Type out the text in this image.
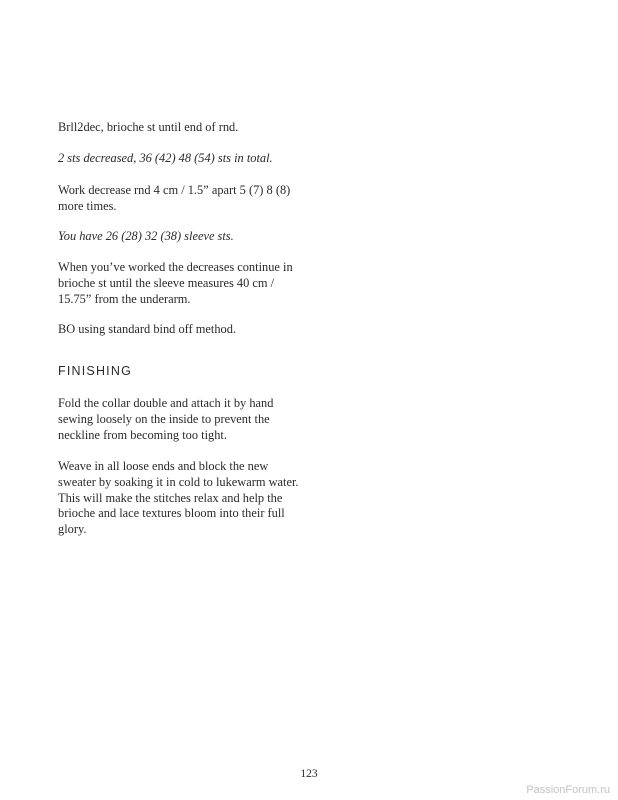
Brll2dec, brioche st until end of rnd.

2 sts decreased, 36 (42) 48 (54) sts in total.

Work decrease rnd 4 cm / 1.5” apart 5 (7) 8 (8) more times.

You have 26 (28) 32 (38) sleeve sts.

When you’ve worked the decreases continue in brioche st until the sleeve measures 40 cm / 15.75” from the underarm.

BO using standard bind off method.

FINISHING

Fold the collar double and attach it by hand sewing loosely on the inside to prevent the neckline from becoming too tight.

Weave in all loose ends and block the new sweater by soaking it in cold to lukewarm water. This will make the stitches relax and help the brioche and lace textures bloom into their full glory.

123
PassionForum.ru
